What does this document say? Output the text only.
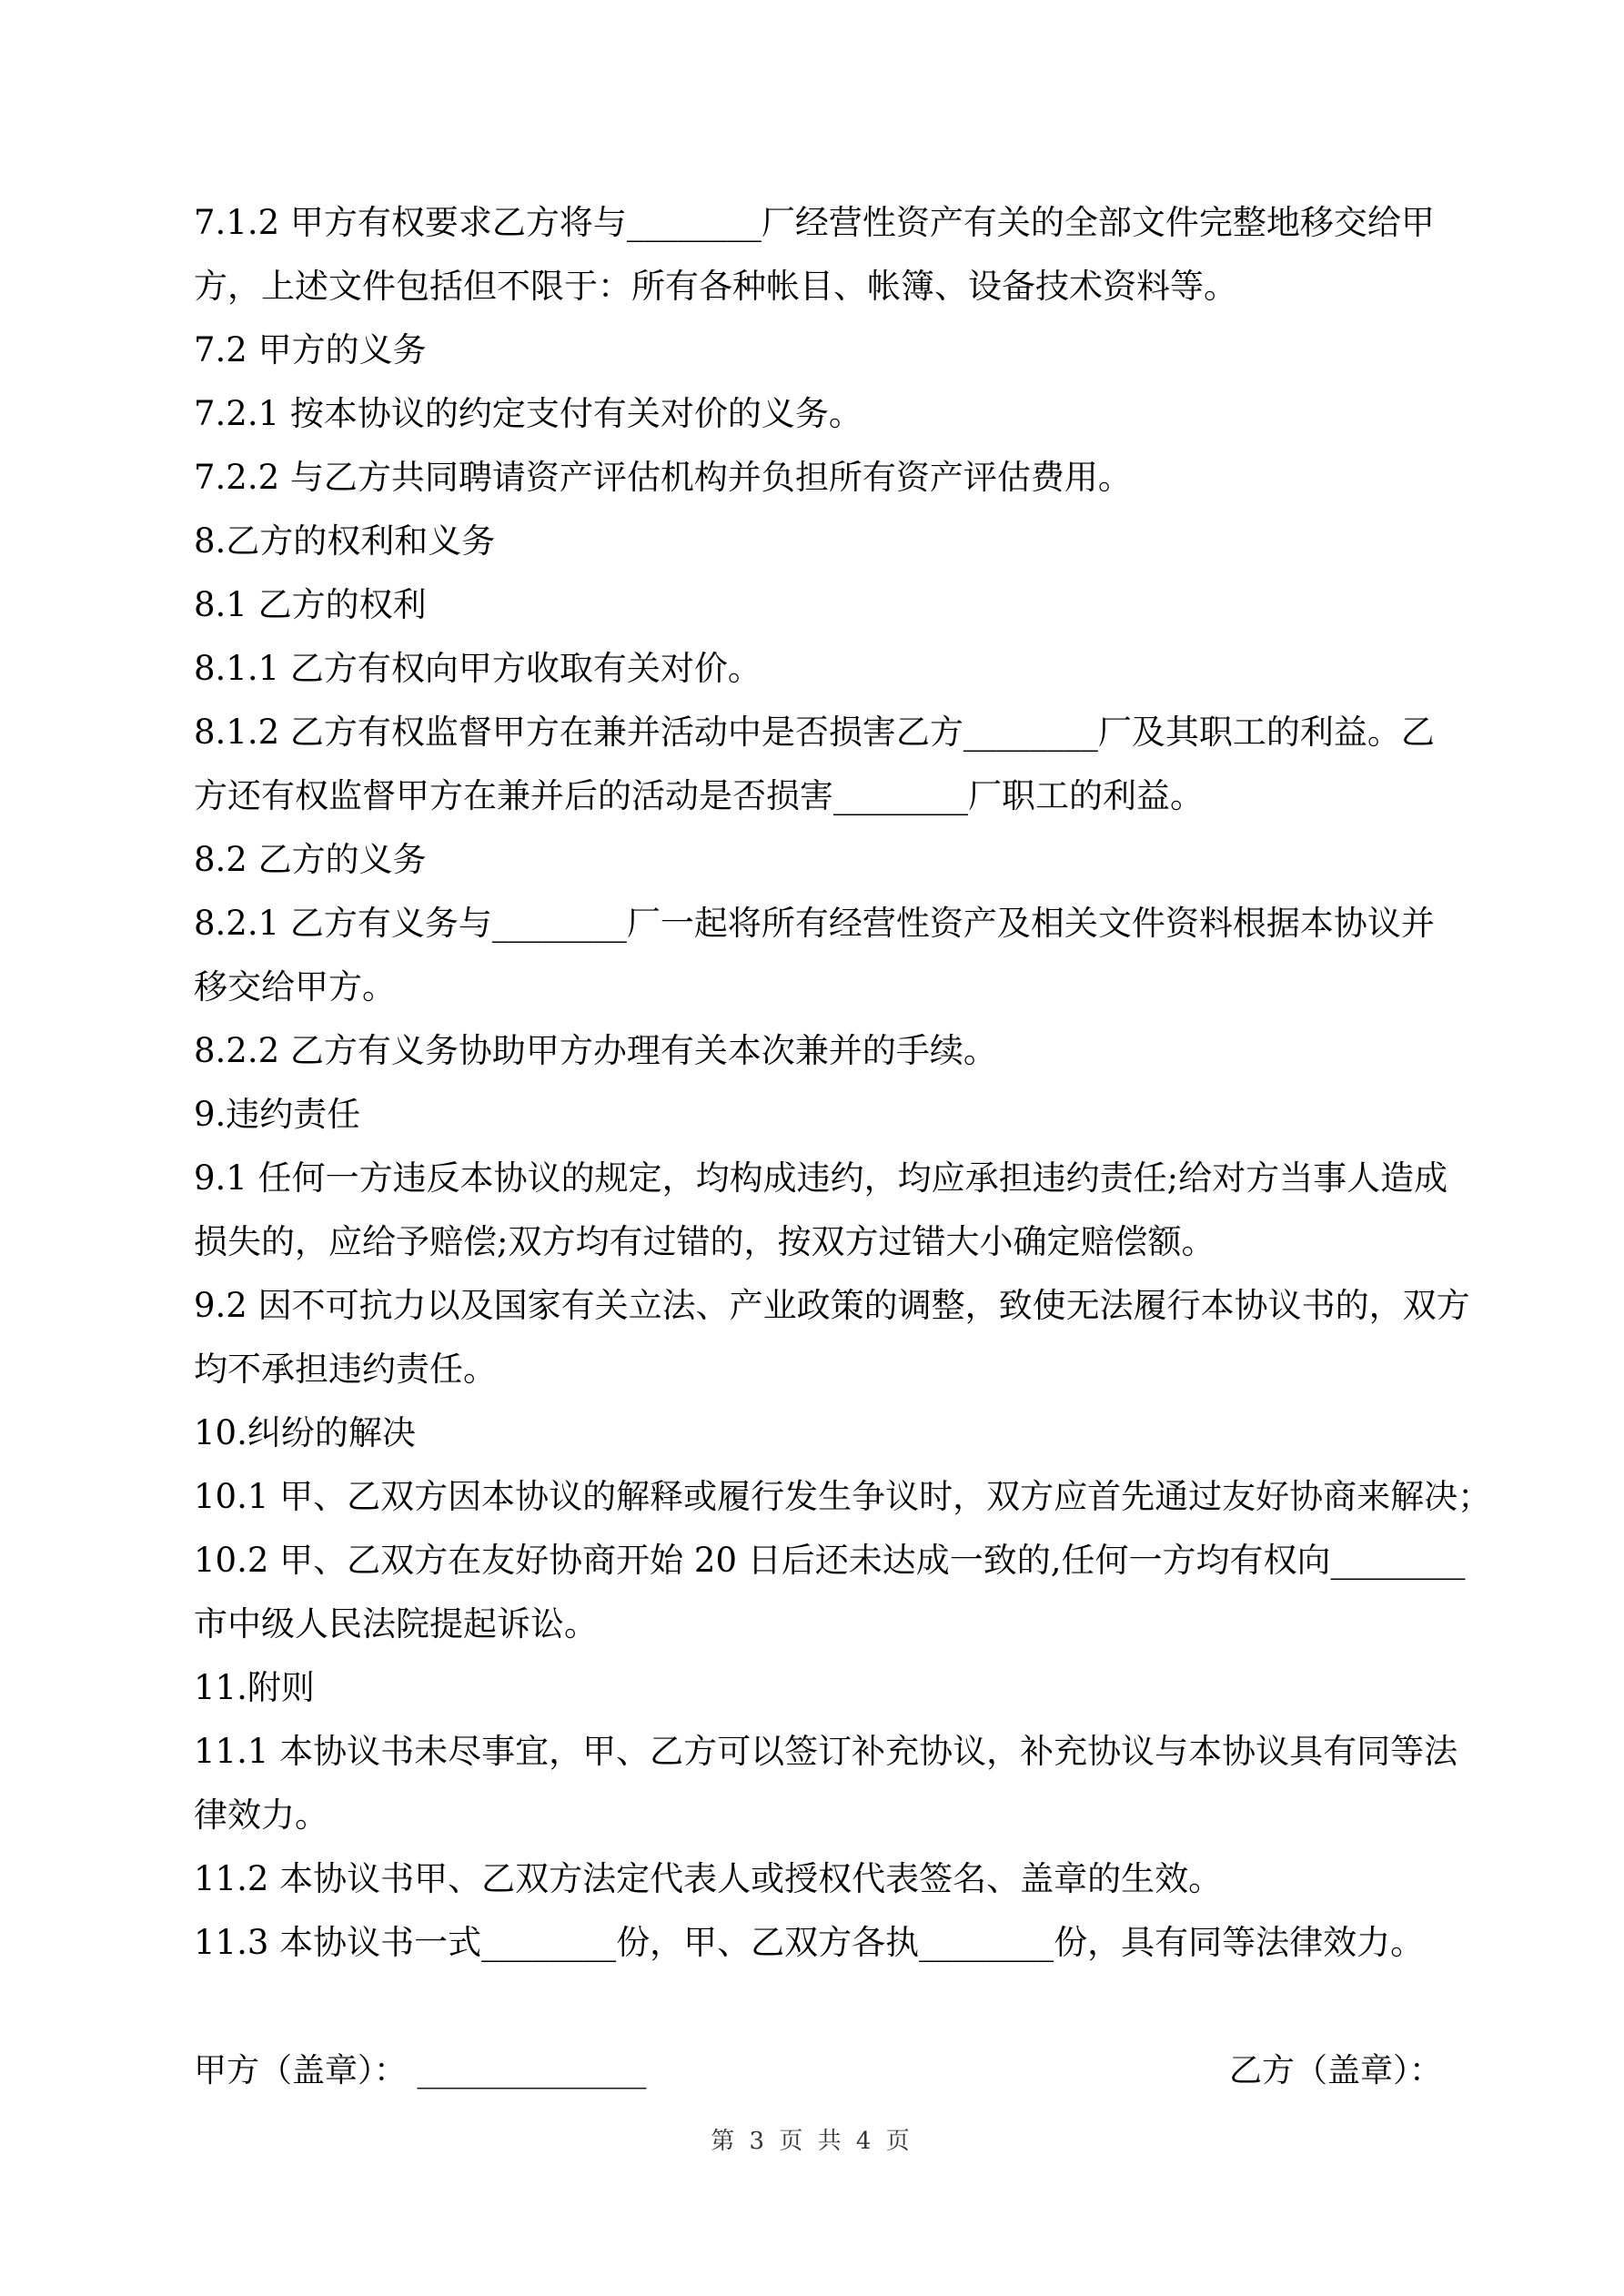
7.1.2 甲方有权要求乙方将与________厂经营性资产有关的全部文件完整地移交给甲
方，上述文件包括但不限于：所有各种帐目、帐簿、设备技术资料等。
7.2 甲方的义务
7.2.1 按本协议的约定支付有关对价的义务。
7.2.2 与乙方共同聘请资产评估机构并负担所有资产评估费用。
8.乙方的权利和义务
8.1 乙方的权利
8.1.1 乙方有权向甲方收取有关对价。
8.1.2 乙方有权监督甲方在兼并活动中是否损害乙方________厂及其职工的利益。乙
方还有权监督甲方在兼并后的活动是否损害________厂职工的利益。
8.2 乙方的义务
8.2.1 乙方有义务与________厂一起将所有经营性资产及相关文件资料根据本协议并
移交给甲方。
8.2.2 乙方有义务协助甲方办理有关本次兼并的手续。
9.违约责任
9.1 任何一方违反本协议的规定，均构成违约，均应承担违约责任;给对方当事人造成
损失的，应给予赔偿;双方均有过错的，按双方过错大小确定赔偿额。
9.2 因不可抗力以及国家有关立法、产业政策的调整，致使无法履行本协议书的，双方
均不承担违约责任。
10.纠纷的解决
10.1 甲、乙双方因本协议的解释或履行发生争议时，双方应首先通过友好协商来解决；
10.2 甲、乙双方在友好协商开始 20 日后还未达成一致的,任何一方均有权向________
市中级人民法院提起诉讼。
11.附则
11.1 本协议书未尽事宜，甲、乙方可以签订补充协议，补充协议与本协议具有同等法
律效力。
11.2 本协议书甲、乙双方法定代表人或授权代表签名、盖章的生效。
11.3 本协议书一式________份，甲、乙双方各执________份，具有同等法律效力。
甲方（盖章）： ______________	乙方（盖章）：
第 3 页 共 4 页
